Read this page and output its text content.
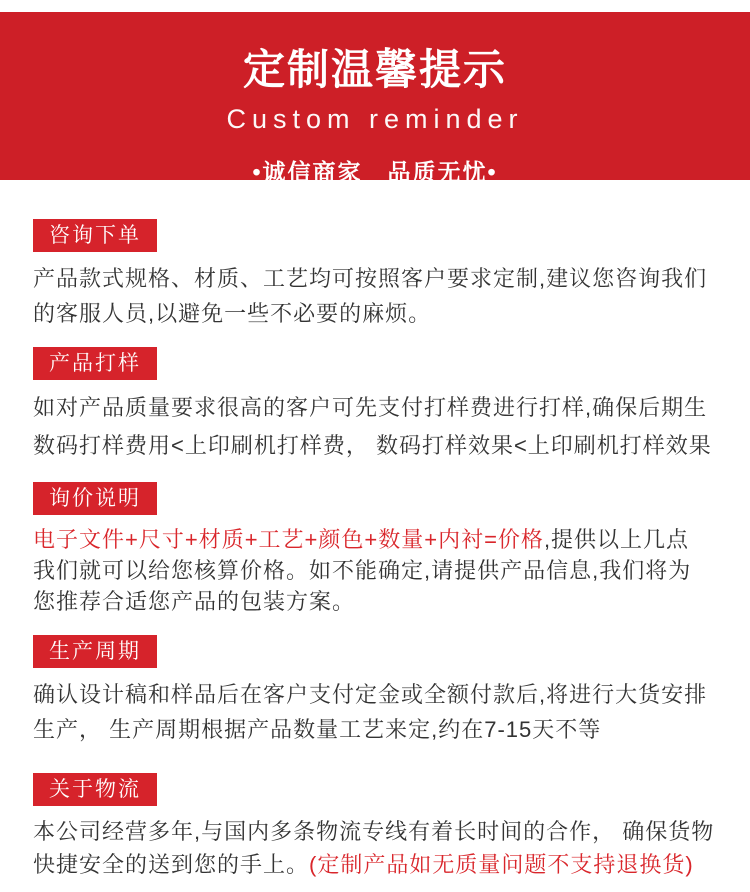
定制温馨提示
Custom reminder
•诚信商家　品质无忧•
咨询下单
产品款式规格、材质、工艺均可按照客户要求定制,建议您咨询我们
的客服人员,以避免一些不必要的麻烦。
产品打样
如对产品质量要求很高的客户可先支付打样费进行打样,确保后期生
数码打样费用<上印刷机打样费， 数码打样效果<上印刷机打样效果
询价说明
电子文件+尺寸+材质+工艺+颜色+数量+内衬=价格,提供以上几点
我们就可以给您核算价格。如不能确定,请提供产品信息,我们将为
您推荐合适您产品的包装方案。
生产周期
确认设计稿和样品后在客户支付定金或全额付款后,将进行大货安排
生产， 生产周期根据产品数量工艺来定,约在7-15天不等
关于物流
本公司经营多年,与国内多条物流专线有着长时间的合作， 确保货物
快捷安全的送到您的手上。(定制产品如无质量问题不支持退换货)
